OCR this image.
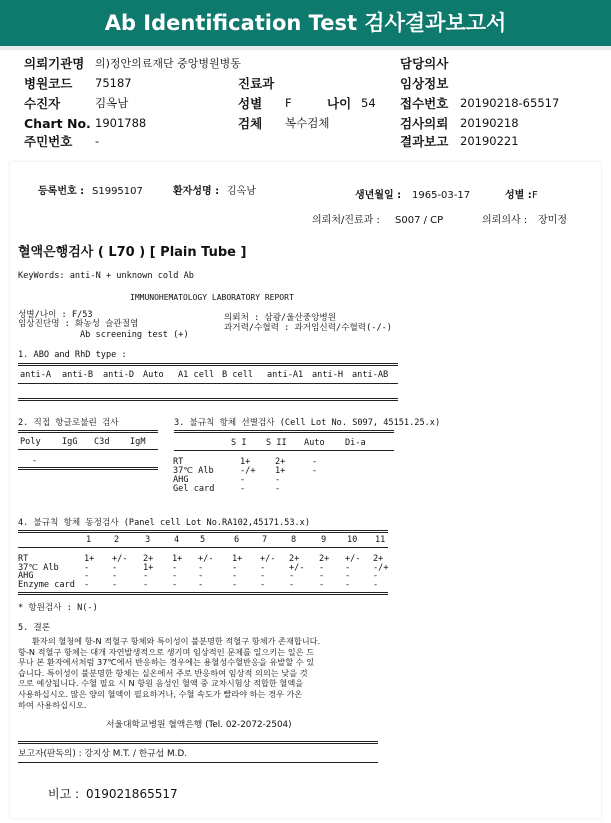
Ab Identification Test 검사결과보고서
의뢰기관명 의)정안의료재단 중앙병원병동
병원코드 75187
수진자	김옥남
Chart No. 1901788
주민번호 -
진료과
성별 F	나이 54
검체 복수검체
담당의사
임상정보
접수번호 20190218-65517
검사의뢰 20190218
결과보고 20190221
등록번호 : S1995107	환자성명 : 김옥남	생년월일 : 1965-03-17	성별 : F
의뢰처/진료과 : S007 / CP	의뢰의사 : 장미정
혈액은행검사 ( L70 ) [ Plain Tube ]
KeyWords: anti-N + unknown cold Ab
IMMUNOHEMATOLOGY LABORATORY REPORT
성별/나이 : F/53
임상진단명 : 화농성 슬관절염
Ab screening test (+)
의뢰처 : 삼광/울산중앙병원
과거력/수혈력 : 과거임신력/수혈력(-/-)
1. ABO and RhD type :
anti-A anti-B anti-D Auto A1 cell B cell anti-A1 anti-H anti-AB
2. 직접 항글로불린 검사
Poly IgG C3d IgM
-
3. 불규칙 항체 선별검사 (Cell Lot No. S097, 45151.25.x)
S I S II Auto Di-a
RT	1+	2+	-
37℃ Alb	-/+ 1+	-
AHG	-	-
Gel card	-	-
4. 불규칙 항체 동정검사 (Panel cell Lot No.RA102,45171.53.x)
1	2	3	4 5	6	7	8	9 10 11
RT	1+ +/- 2+ 1+ +/- 1+ +/- 2+ 2+ +/- 2+
37℃ Alb	-	-	1+ - -	-	-	+/- - -	-/+
AHG	-	-	-	- -	-	-	-	- -	-
Enzyme card -	-	-	- -	-	-	-	- -	-
* 항원검사 : N(-)
5. 결론
환자의 혈청에 항-N 적혈구 항체와 특이성이 불분명한 적혈구 항체가 존재합니다.
항-N 적혈구 항체는 대개 자연발생적으로 생기며 임상적인 문제를 일으키는 일은 드
무나 본 환자에서처럼 37℃에서 반응하는 경우에는 용혈성수혈반응을 유발할 수 있
습니다. 특이성이 불분명한 항체는 실온에서 주로 반응하여 임상적 의의는 낮을 것
으로 예상됩니다. 수혈 필요 시 N 항원 음성인 혈액 중 교차시험상 적합한 혈액을
사용하십시오. 많은 양의 혈액이 필요하거나, 수혈 속도가 빨라야 하는 경우 가온
하여 사용하십시오.
서울대학교병원 혈액은행 (Tel. 02-2072-2504)
보고자(판독의) : 강지상 M.T. / 한규섭 M.D.
비고 : 019021865517
